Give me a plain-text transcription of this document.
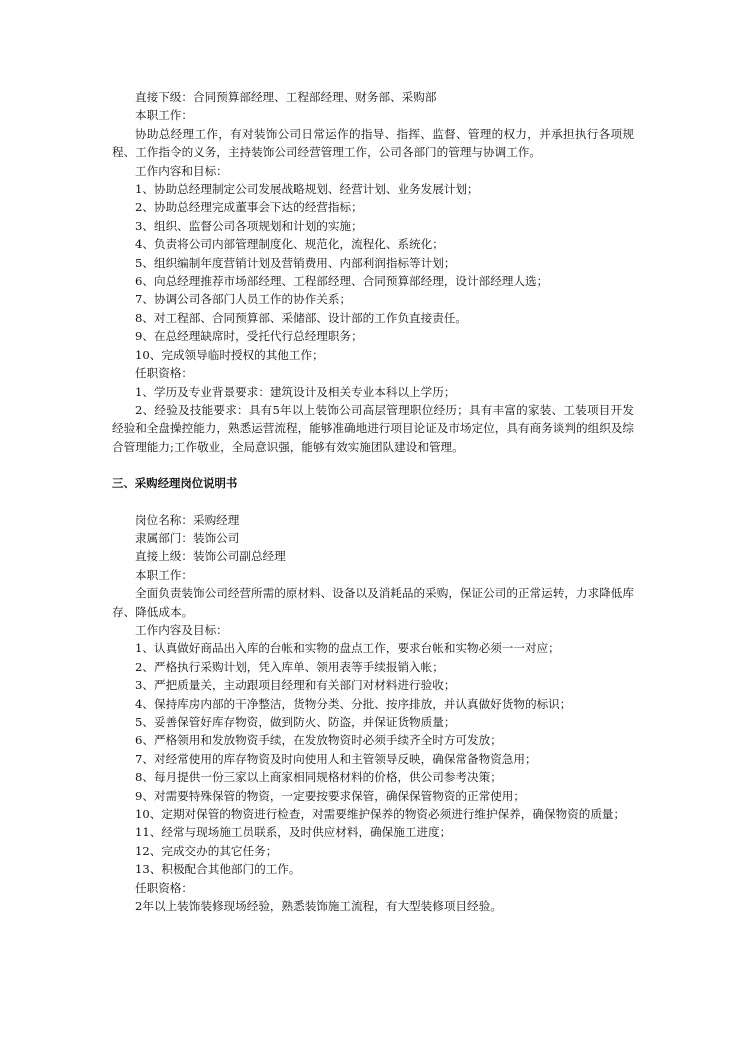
直接下级：合同预算部经理、工程部经理、财务部、采购部
本职工作：
协助总经理工作，有对装饰公司日常运作的指导、指挥、监督、管理的权力，并承担执行各项规程、工作指令的义务，主持装饰公司经营管理工作，公司各部门的管理与协调工作。
工作内容和目标：
1、协助总经理制定公司发展战略规划、经营计划、业务发展计划；
2、协助总经理完成董事会下达的经营指标；
3、组织、监督公司各项规划和计划的实施；
4、负责将公司内部管理制度化、规范化，流程化、系统化；
5、组织编制年度营销计划及营销费用、内部利润指标等计划；
6、向总经理推荐市场部经理、工程部经理、合同预算部经理，设计部经理人选；
7、协调公司各部门人员工作的协作关系；
8、对工程部、合同预算部、采储部、设计部的工作负直接责任。
9、在总经理缺席时，受托代行总经理职务；
10、完成领导临时授权的其他工作；
任职资格：
1、学历及专业背景要求：建筑设计及相关专业本科以上学历；
2、经验及技能要求：具有5年以上装饰公司高层管理职位经历；具有丰富的家装、工装项目开发经验和全盘操控能力，熟悉运营流程，能够准确地进行项目论证及市场定位，具有商务谈判的组织及综合管理能力;工作敬业，全局意识强，能够有效实施团队建设和管理。
三、采购经理岗位说明书
岗位名称：采购经理
隶属部门：装饰公司
直接上级：装饰公司副总经理
本职工作：
全面负责装饰公司经营所需的原材料、设备以及消耗品的采购，保证公司的正常运转，力求降低库存、降低成本。
工作内容及目标：
1、认真做好商品出入库的台帐和实物的盘点工作，要求台帐和实物必须一一对应；
2、严格执行采购计划，凭入库单、领用表等手续报销入帐；
3、严把质量关，主动跟项目经理和有关部门对材料进行验收；
4、保持库房内部的干净整洁，货物分类、分批、按序排放，并认真做好货物的标识；
5、妥善保管好库存物资，做到防火、防盗，并保证货物质量；
6、严格领用和发放物资手续，在发放物资时必须手续齐全时方可发放；
7、对经常使用的库存物资及时向使用人和主管领导反映，确保常备物资急用；
8、每月提供一份三家以上商家相同规格材料的价格，供公司参考决策；
9、对需要特殊保管的物资，一定要按要求保管，确保保管物资的正常使用；
10、定期对保管的物资进行检查，对需要维护保养的物资必须进行维护保养，确保物资的质量；
11、经常与现场施工员联系，及时供应材料，确保施工进度；
12、完成交办的其它任务；
13、积极配合其他部门的工作。
任职资格：
2年以上装饰装修现场经验，熟悉装饰施工流程，有大型装修项目经验。
